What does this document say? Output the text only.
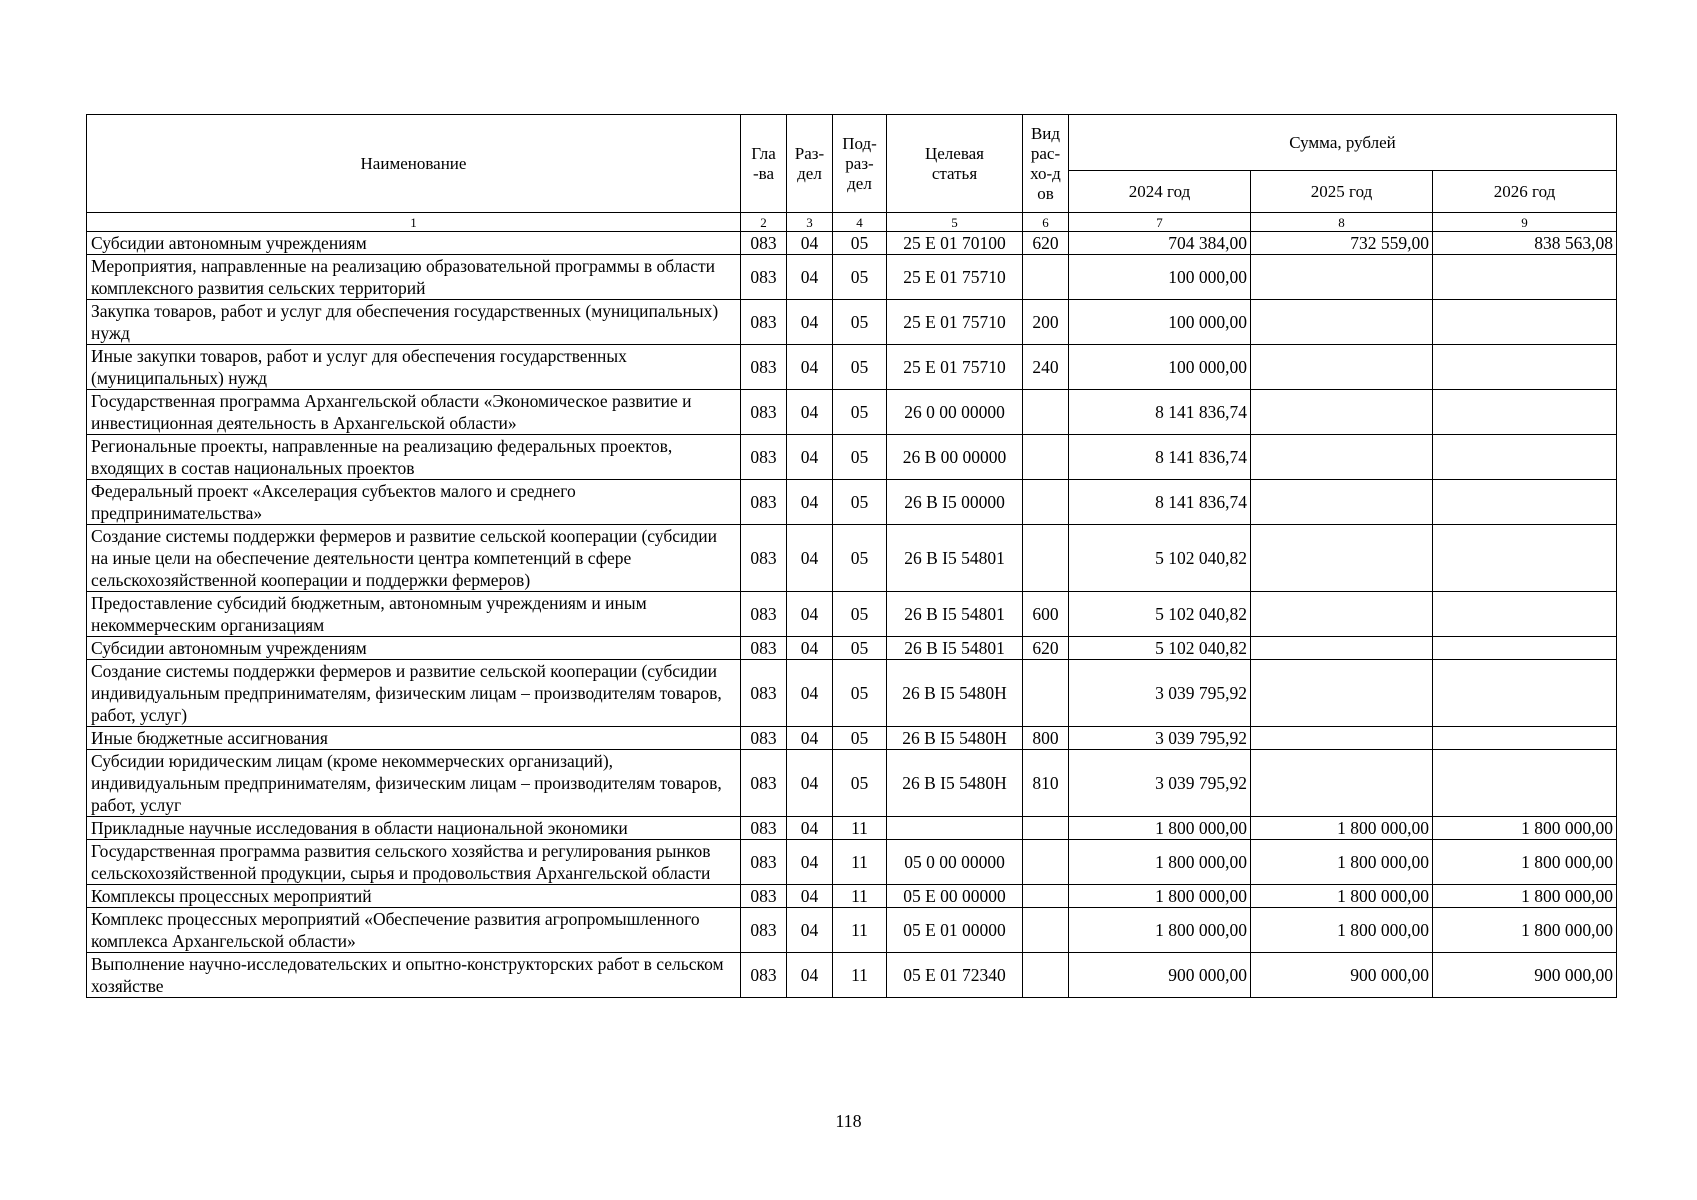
Наименование	Гла-ва	Раз-дел	Под-раз-дел	Целевая статья	Вид рас-хо-дов	Сумма, рублей		
						2024 год	2025 год	2026 год
1	2	3	4	5	6	7	8	9
Субсидии автономным учреждениям	083	04	05	25 Е 01 70100	620	704 384,00	732 559,00	838 563,08
Мероприятия, направленные на реализацию образовательной программы в области комплексного развития сельских территорий	083	04	05	25 Е 01 75710		100 000,00		
Закупка товаров, работ и услуг для обеспечения государственных (муниципальных) нужд	083	04	05	25 Е 01 75710	200	100 000,00		
Иные закупки товаров, работ и услуг для обеспечения государственных (муниципальных) нужд	083	04	05	25 Е 01 75710	240	100 000,00		
Государственная программа Архангельской области «Экономическое развитие и инвестиционная деятельность в Архангельской области»	083	04	05	26 0 00 00000		8 141 836,74		
Региональные проекты, направленные на реализацию федеральных проектов, входящих в состав национальных проектов	083	04	05	26 В 00 00000		8 141 836,74		
Федеральный проект «Акселерация субъектов малого и среднего предпринимательства»	083	04	05	26 В I5 00000		8 141 836,74		
Создание системы поддержки фермеров и развитие сельской кооперации (субсидии на иные цели на обеспечение деятельности центра компетенций в сфере сельскохозяйственной кооперации и поддержки фермеров)	083	04	05	26 В I5 54801		5 102 040,82		
Предоставление субсидий бюджетным, автономным учреждениям и иным некоммерческим организациям	083	04	05	26 В I5 54801	600	5 102 040,82		
Субсидии автономным учреждениям	083	04	05	26 В I5 54801	620	5 102 040,82		
Создание системы поддержки фермеров и развитие сельской кооперации (субсидии индивидуальным предпринимателям, физическим лицам – производителям товаров, работ, услуг)	083	04	05	26 В I5 5480Н		3 039 795,92		
Иные бюджетные ассигнования	083	04	05	26 В I5 5480Н	800	3 039 795,92		
Субсидии юридическим лицам (кроме некоммерческих организаций), индивидуальным предпринимателям, физическим лицам – производителям товаров, работ, услуг	083	04	05	26 В I5 5480Н	810	3 039 795,92		
Прикладные научные исследования в области национальной экономики	083	04	11			1 800 000,00	1 800 000,00	1 800 000,00
Государственная программа развития сельского хозяйства и регулирования рынков сельскохозяйственной продукции, сырья и продовольствия Архангельской области	083	04	11	05 0 00 00000		1 800 000,00	1 800 000,00	1 800 000,00
Комплексы процессных мероприятий	083	04	11	05 Е 00 00000		1 800 000,00	1 800 000,00	1 800 000,00
Комплекс процессных мероприятий «Обеспечение развития агропромышленного комплекса Архангельской области»	083	04	11	05 Е 01 00000		1 800 000,00	1 800 000,00	1 800 000,00
Выполнение научно-исследовательских и опытно-конструкторских работ в сельском хозяйстве	083	04	11	05 Е 01 72340		900 000,00	900 000,00	900 000,00
118
